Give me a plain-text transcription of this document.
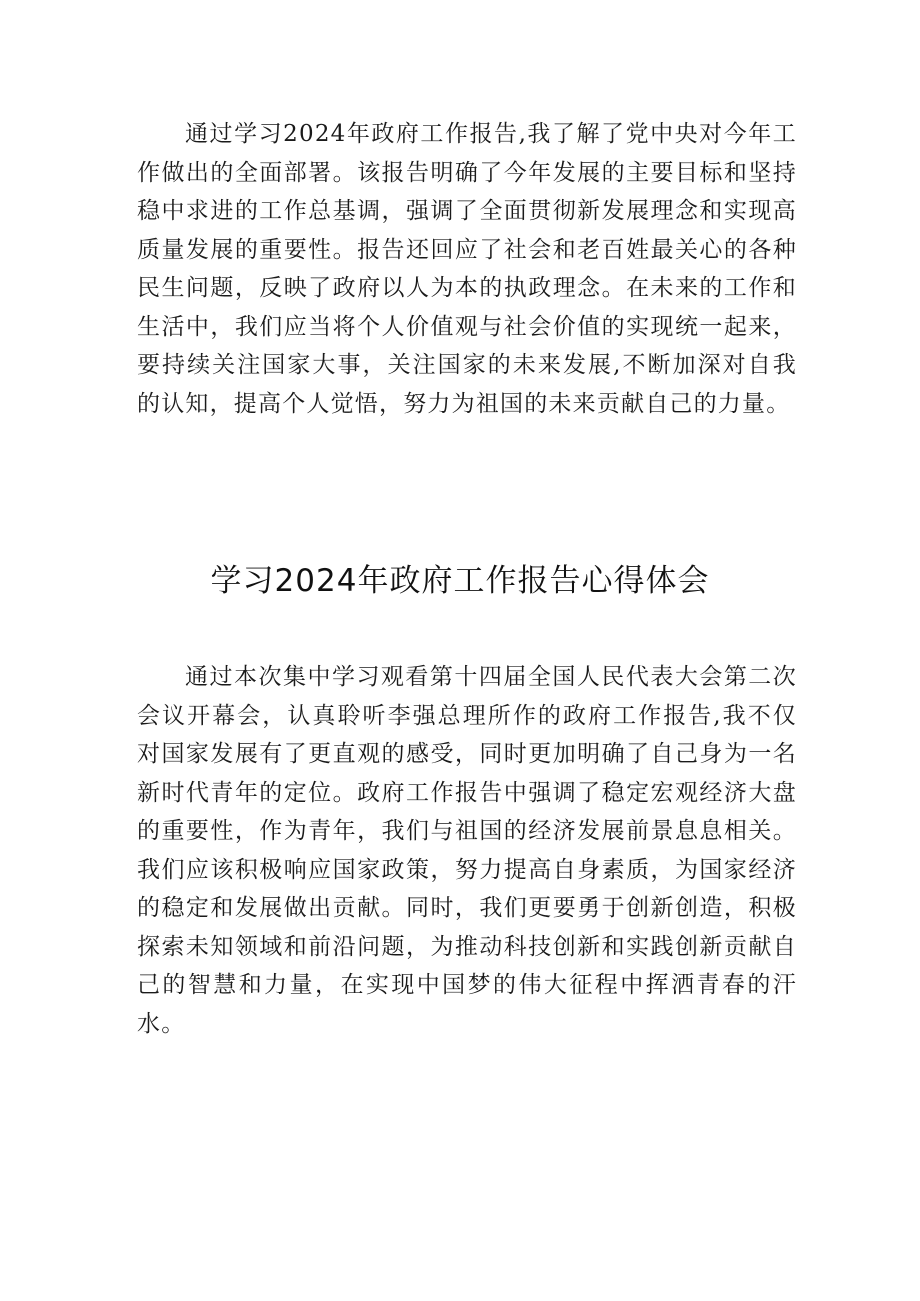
通过学习2024年政府工作报告,我了解了党中央对今年工作做出的全面部署。该报告明确了今年发展的主要目标和坚持稳中求进的工作总基调，强调了全面贯彻新发展理念和实现高质量发展的重要性。报告还回应了社会和老百姓最关心的各种民生问题，反映了政府以人为本的执政理念。在未来的工作和生活中，我们应当将个人价值观与社会价值的实现统一起来，要持续关注国家大事，关注国家的未来发展,不断加深对自我的认知，提高个人觉悟，努力为祖国的未来贡献自己的力量。

学习2024年政府工作报告心得体会

通过本次集中学习观看第十四届全国人民代表大会第二次会议开幕会，认真聆听李强总理所作的政府工作报告,我不仅对国家发展有了更直观的感受，同时更加明确了自己身为一名新时代青年的定位。政府工作报告中强调了稳定宏观经济大盘的重要性，作为青年，我们与祖国的经济发展前景息息相关。我们应该积极响应国家政策，努力提高自身素质，为国家经济的稳定和发展做出贡献。同时，我们更要勇于创新创造，积极探索未知领域和前沿问题，为推动科技创新和实践创新贡献自己的智慧和力量，在实现中国梦的伟大征程中挥洒青春的汗水。
